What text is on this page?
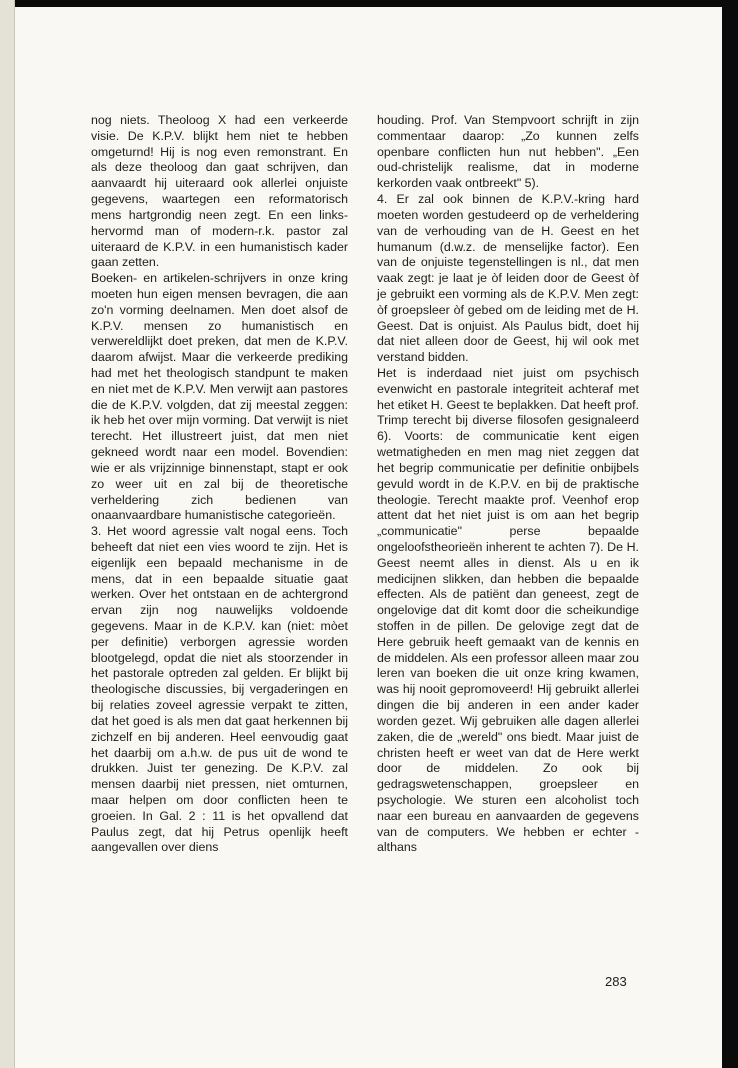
nog niets. Theoloog X had een verkeerde visie. De K.P.V. blijkt hem niet te hebben omgeturnd! Hij is nog even remonstrant. En als deze theoloog dan gaat schrijven, dan aanvaardt hij uiteraard ook allerlei onjuiste gegevens, waartegen een reformatorisch mens hartgrondig neen zegt. En een links-hervormd man of modern-r.k. pastor zal uiteraard de K.P.V. in een humanistisch kader gaan zetten.

Boeken- en artikelen-schrijvers in onze kring moeten hun eigen mensen bevragen, die aan zo'n vorming deelnamen. Men doet alsof de K.P.V. mensen zo humanistisch en verwereldlijkt doet preken, dat men de K.P.V. daarom afwijst. Maar die verkeerde prediking had met het theologisch standpunt te maken en niet met de K.P.V. Men verwijt aan pastores die de K.P.V. volgden, dat zij meestal zeggen: ik heb het over mijn vorming. Dat verwijt is niet terecht. Het illustreert juist, dat men niet gekneed wordt naar een model. Bovendien: wie er als vrijzinnige binnenstapt, stapt er ook zo weer uit en zal bij de theoretische verheldering zich bedienen van onaanvaardbare humanistische categorieën.

3. Het woord agressie valt nogal eens. Toch beheeft dat niet een vies woord te zijn. Het is eigenlijk een bepaald mechanisme in de mens, dat in een bepaalde situatie gaat werken. Over het ontstaan en de achtergrond ervan zijn nog nauwelijks voldoende gegevens. Maar in de K.P.V. kan (niet: mòet per definitie) verborgen agressie worden blootgelegd, opdat die niet als stoorzender in het pastorale optreden zal gelden. Er blijkt bij theologische discussies, bij vergaderingen en bij relaties zoveel agressie verpakt te zitten, dat het goed is als men dat gaat herkennen bij zichzelf en bij anderen. Heel eenvoudig gaat het daarbij om a.h.w. de pus uit de wond te drukken. Juist ter genezing. De K.P.V. zal mensen daarbij niet pressen, niet omturnen, maar helpen om door conflicten heen te groeien. In Gal. 2 : 11 is het opvallend dat Paulus zegt, dat hij Petrus openlijk heeft aangevallen over diens

houding. Prof. Van Stempvoort schrijft in zijn commentaar daarop: „Zo kunnen zelfs openbare conflicten hun nut hebben". „Een oud-christelijk realisme, dat in moderne kerkorden vaak ontbreekt" 5).

4. Er zal ook binnen de K.P.V.-kring hard moeten worden gestudeerd op de verheldering van de verhouding van de H. Geest en het humanum (d.w.z. de menselijke factor). Een van de onjuiste tegenstellingen is nl., dat men vaak zegt: je laat je òf leiden door de Geest òf je gebruikt een vorming als de K.P.V. Men zegt: òf groepsleer òf gebed om de leiding met de H. Geest. Dat is onjuist. Als Paulus bidt, doet hij dat niet alleen door de Geest, hij wil ook met verstand bidden.

Het is inderdaad niet juist om psychisch evenwicht en pastorale integriteit achteraf met het etiket H. Geest te beplakken. Dat heeft prof. Trimp terecht bij diverse filosofen gesignaleerd 6). Voorts: de communicatie kent eigen wetmatigheden en men mag niet zeggen dat het begrip communicatie per definitie onbijbels gevuld wordt in de K.P.V. en bij de praktische theologie. Terecht maakte prof. Veenhof erop attent dat het niet juist is om aan het begrip „communicatie" perse bepaalde ongeloofstheorieën inherent te achten 7). De H. Geest neemt alles in dienst. Als u en ik medicijnen slikken, dan hebben die bepaalde effecten. Als de patiënt dan geneest, zegt de ongelovige dat dit komt door die scheikundige stoffen in de pillen. De gelovige zegt dat de Here gebruik heeft gemaakt van de kennis en de middelen. Als een professor alleen maar zou leren van boeken die uit onze kring kwamen, was hij nooit gepromoveerd! Hij gebruikt allerlei dingen die bij anderen in een ander kader worden gezet. Wij gebruiken alle dagen allerlei zaken, die de „wereld" ons biedt. Maar juist de christen heeft er weet van dat de Here werkt door de middelen. Zo ook bij gedragswetenschappen, groepsleer en psychologie. We sturen een alcoholist toch naar een bureau en aanvaarden de gegevens van de computers. We hebben er echter - althans

283
